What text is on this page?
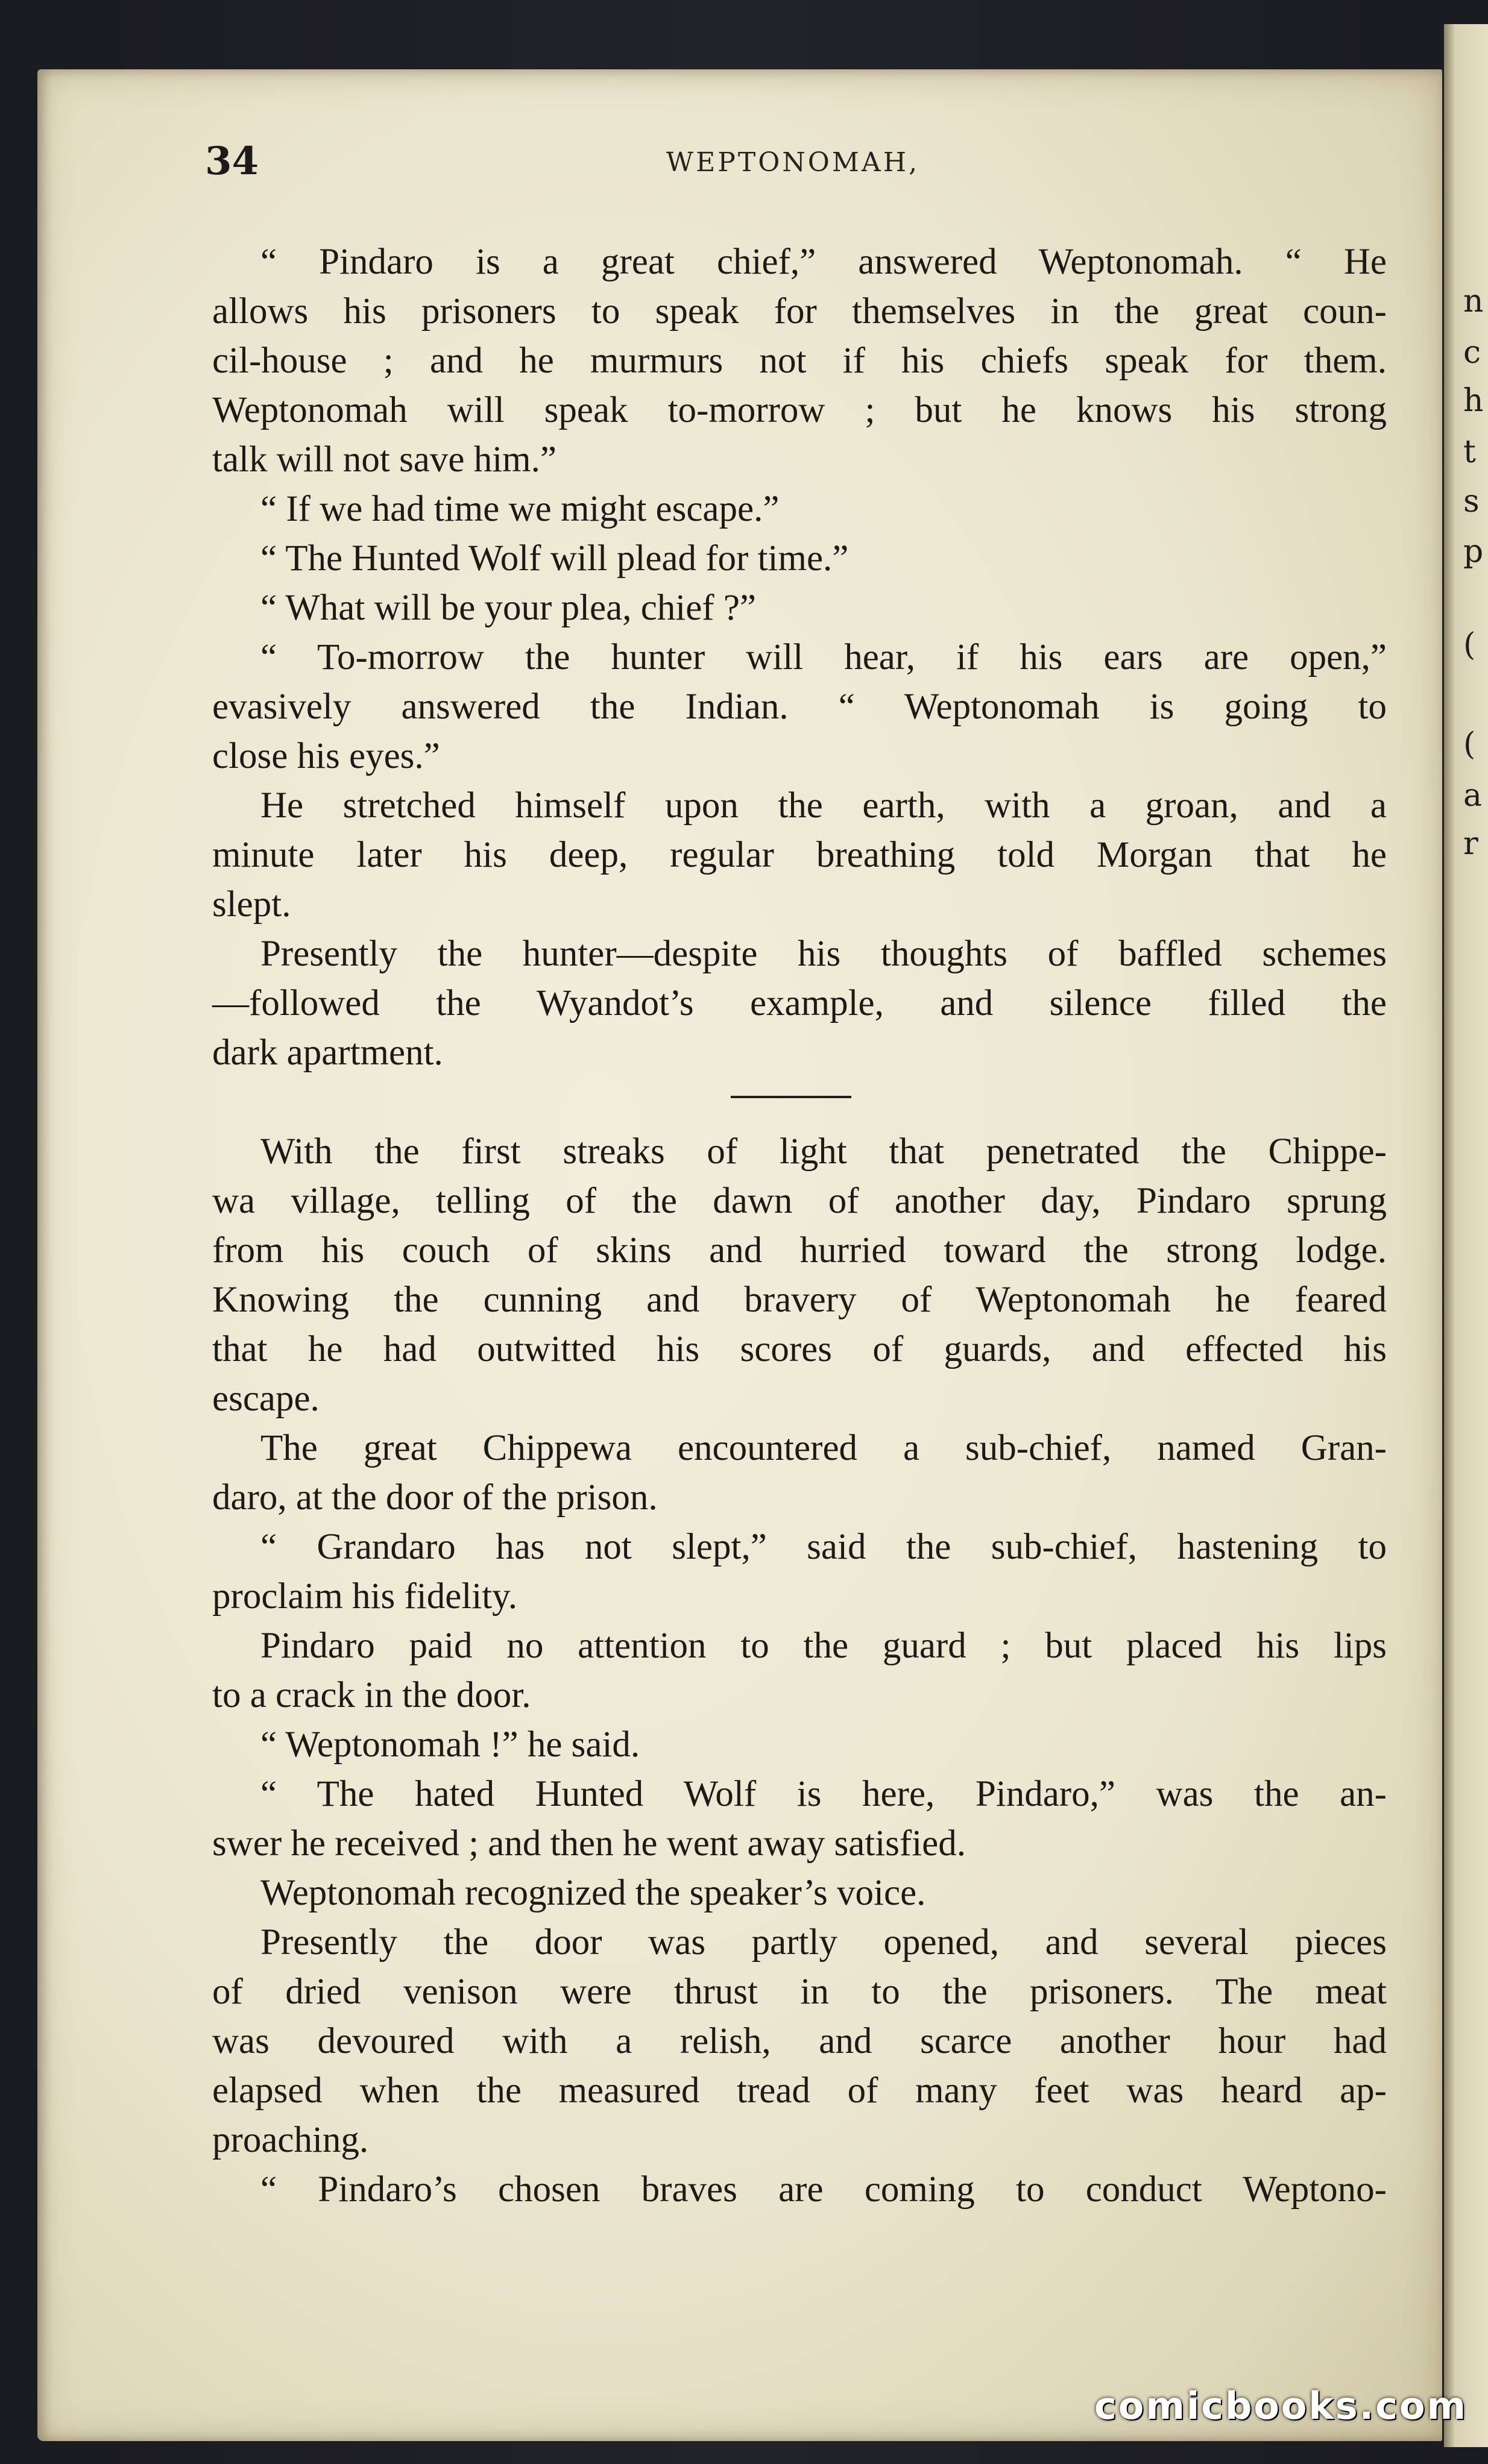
n
c
h
t
s
p
(
(
a
r
34	WEPTONOMAH,
“ Pindaro is a great chief,” answered Weptonomah. “ He
allows his prisoners to speak for themselves in the great coun-
cil-house ; and he murmurs not if his chiefs speak for them.
Weptonomah will speak to-morrow ; but he knows his strong
talk will not save him.”
“ If we had time we might escape.”
“ The Hunted Wolf will plead for time.”
“ What will be your plea, chief ?”
“ To-morrow the hunter will hear, if his ears are open,”
evasively answered the Indian. “ Weptonomah is going to
close his eyes.”
He stretched himself upon the earth, with a groan, and a
minute later his deep, regular breathing told Morgan that he
slept.
Presently the hunter—despite his thoughts of baffled schemes
—followed the Wyandot’s example, and silence filled the
dark apartment.
With the first streaks of light that penetrated the Chippe-
wa village, telling of the dawn of another day, Pindaro sprung
from his couch of skins and hurried toward the strong lodge.
Knowing the cunning and bravery of Weptonomah he feared
that he had outwitted his scores of guards, and effected his
escape.
The great Chippewa encountered a sub-chief, named Gran-
daro, at the door of the prison.
“ Grandaro has not slept,” said the sub-chief, hastening to
proclaim his fidelity.
Pindaro paid no attention to the guard ; but placed his lips
to a crack in the door.
“ Weptonomah !” he said.
“ The hated Hunted Wolf is here, Pindaro,” was the an-
swer he received ; and then he went away satisfied.
Weptonomah recognized the speaker’s voice.
Presently the door was partly opened, and several pieces
of dried venison were thrust in to the prisoners. The meat
was devoured with a relish, and scarce another hour had
elapsed when the measured tread of many feet was heard ap-
proaching.
“ Pindaro’s chosen braves are coming to conduct Weptono-
comicbooks.com
